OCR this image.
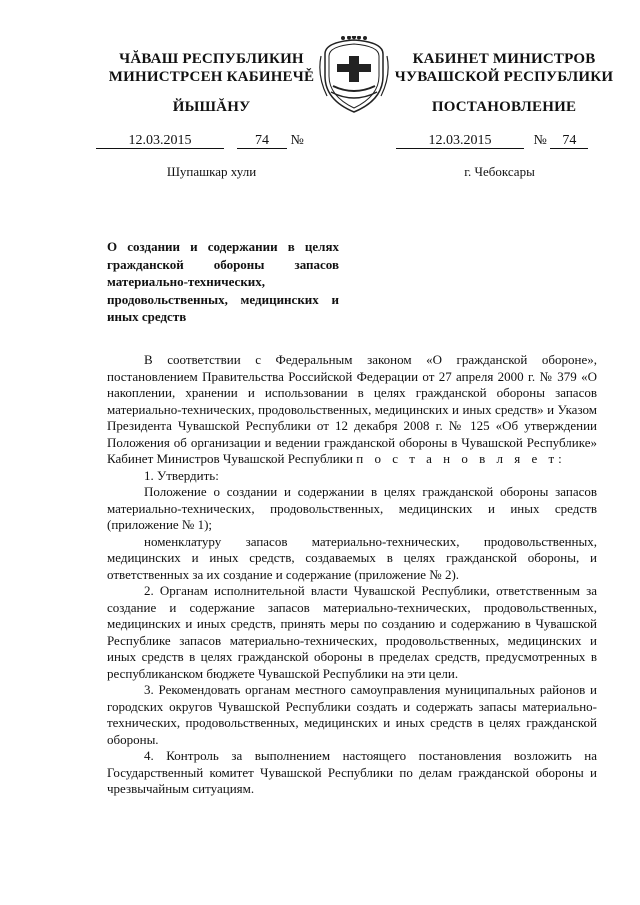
ЧĂВАШ РЕСПУБЛИКИН
МИНИСТРСЕН КАБИНЕЧĚ
ЙЫШĂНУ
КАБИНЕТ МИНИСТРОВ
ЧУВАШСКОЙ РЕСПУБЛИКИ
ПОСТАНОВЛЕНИЕ
12.03.2015	74 №	12.03.2015	№ 74
Шупашкар хули	г. Чебоксары
О создании и содержании в целях гражданской обороны запасов материально-технических, продовольственных, медицинских и иных средств

В соответствии с Федеральным законом «О гражданской обороне», постановлением Правительства Российской Федерации от 27 апреля 2000 г. № 379 «О накоплении, хранении и использовании в целях гражданской обороны запасов материально-технических, продовольственных, медицинских и иных средств» и Указом Президента Чувашской Республики от 12 декабря 2008 г. № 125 «Об утверждении Положения об организации и ведении гражданской обороны в Чувашской Республике» Кабинет Министров Чувашской Республики п о с т а н о в л я е т:

1. Утвердить:

Положение о создании и содержании в целях гражданской обороны запасов материально-технических, продовольственных, медицинских и иных средств (приложение № 1);

номенклатуру запасов материально-технических, продовольственных, медицинских и иных средств, создаваемых в целях гражданской обороны, и ответственных за их создание и содержание (приложение № 2).

2. Органам исполнительной власти Чувашской Республики, ответственным за создание и содержание запасов материально-технических, продовольственных, медицинских и иных средств, принять меры по созданию и содержанию в Чувашской Республике запасов материально-технических, продовольственных, медицинских и иных средств в целях гражданской обороны в пределах средств, предусмотренных в республиканском бюджете Чувашской Республики на эти цели.

3. Рекомендовать органам местного самоуправления муниципальных районов и городских округов Чувашской Республики создать и содержать запасы материально-технических, продовольственных, медицинских и иных средств в целях гражданской обороны.

4. Контроль за выполнением настоящего постановления возложить на Государственный комитет Чувашской Республики по делам гражданской обороны и чрезвычайным ситуациям.
